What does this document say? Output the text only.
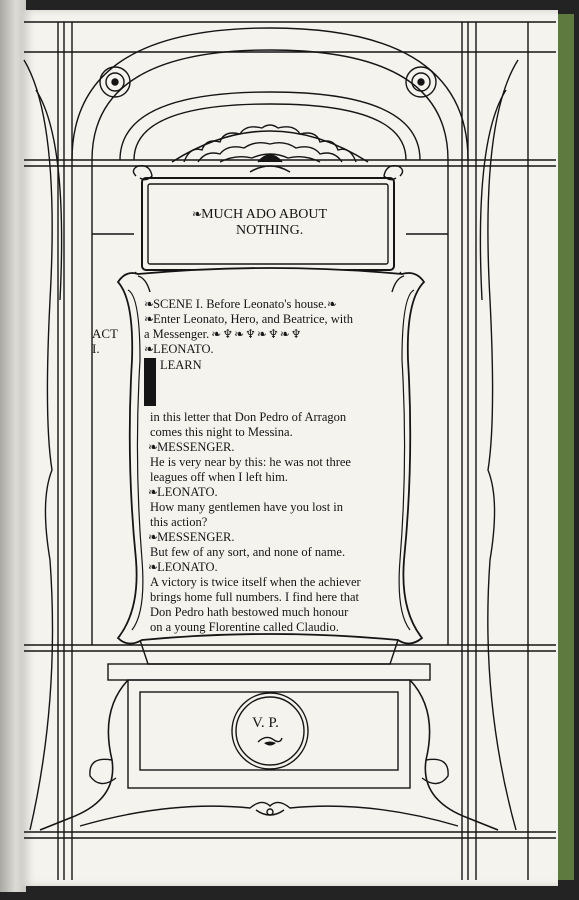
❧MUCH ADO ABOUT
NOTHING.
ACT
I.
❧SCENE I. Before Leonato's house.❧
❧Enter Leonato, Hero, and Beatrice, with
a Messenger. ❧ ♆ ❧ ♆ ❧ ♆ ❧ ♆
❧LEONATO.
LEARN
in this letter that Don Pedro of Arragon
comes this night to Messina.
❧MESSENGER.
He is very near by this: he was not three
leagues off when I left him.
❧LEONATO.
How many gentlemen have you lost in
this action?
❧MESSENGER.
But few of any sort, and none of name.
❧LEONATO.
A victory is twice itself when the achiever
brings home full numbers. I find here that
Don Pedro hath bestowed much honour
on a young Florentine called Claudio.
V. P.
